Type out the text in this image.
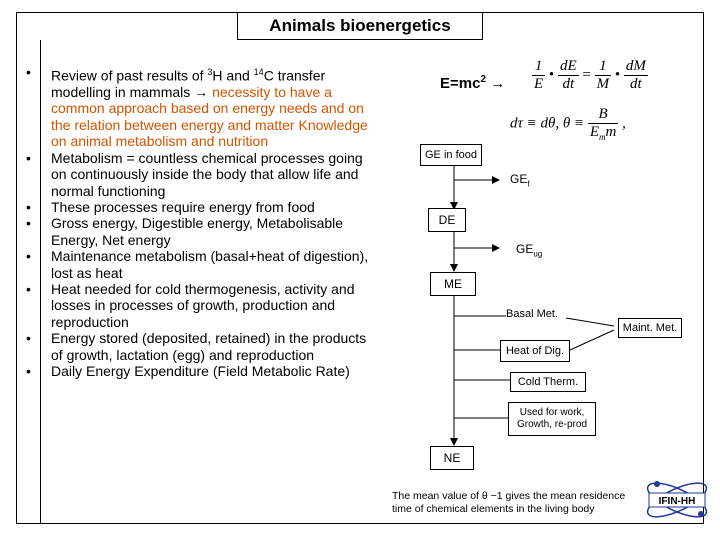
Animals bioenergetics
• Review of past results of $^3$H and $^{14}$C transfer modelling in mammals → necessity to have a common approach based on energy needs and on the relation between energy and matter Knowledge on animal metabolism and nutrition
• Metabolism = countless chemical processes going on continuously inside the body that allow life and normal functioning
• These processes require energy from food
• Gross energy, Digestible energy, Metabolisable Energy, Net energy
• Maintenance metabolism (basal+heat of digestion), lost as heat
• Heat needed for cold thermogenesis, activity and losses in processes of growth, production and reproduction
• Energy stored (deposited, retained) in the products of growth, lactation (egg) and reproduction
• Daily Energy Expenditure (Field Metabolic Rate)
$E=mc^2 \to \frac{1}{E}$ • $\frac{dE}{dt} = \frac{1}{M}$ • $\frac{dM}{dt}$
dτ ≡ dθ, $\theta \equiv \frac{B}{E_mm}$ ,
GE in food
$GE_f$
DE
$GE_{ug}$
ME
Basal Met.
Maint. Met.
Heat of Dig.
Cold Therm.
Used for work, Growth, re-prod
NE
The mean value of θ −1 gives the mean residence time of chemical elements in the living body
IFIN-HH
